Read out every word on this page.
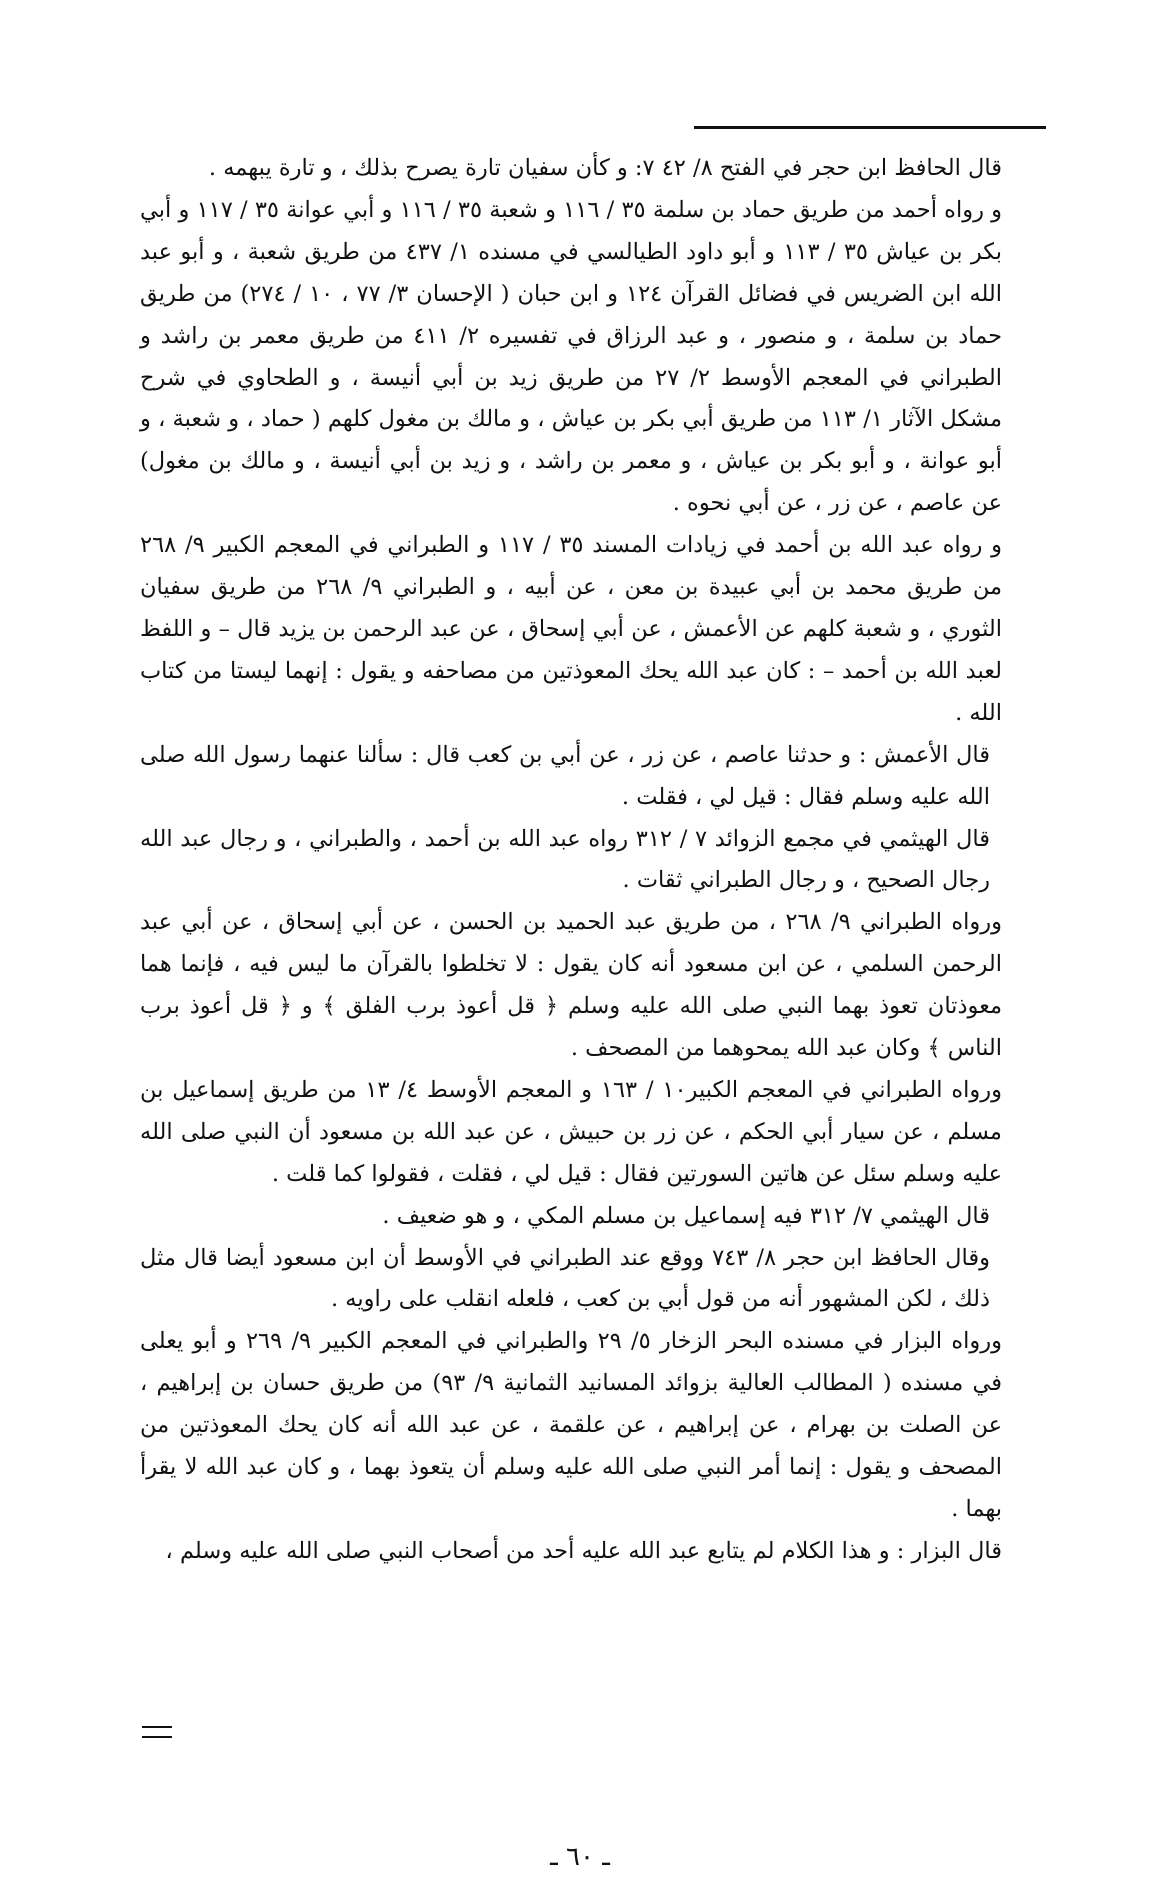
قال الحافظ ابن حجر في الفتح ٨/ ٤٢ ٧: و كأن سفيان تارة يصرح بذلك ، و تارة يبهمه .

و رواه أحمد من طريق حماد بن سلمة ٣٥ / ١١٦ و شعبة ٣٥ / ١١٦ و أبي عوانة ٣٥ / ١١٧ و أبي بكر بن عياش ٣٥ / ١١٣ و أبو داود الطيالسي في مسنده ١/ ٤٣٧ من طريق شعبة ، و أبو عبد الله ابن الضريس في فضائل القرآن ١٢٤ و ابن حبان ( الإحسان ٣/ ٧٧ ، ١٠ / ٢٧٤) من طريق حماد بن سلمة ، و منصور ، و عبد الرزاق في تفسيره ٢/ ٤١١ من طريق معمر بن راشد و الطبراني في المعجم الأوسط ٢/ ٢٧ من طريق زيد بن أبي أنيسة ، و الطحاوي في شرح مشكل الآثار ١/ ١١٣ من طريق أبي بكر بن عياش ، و مالك بن مغول كلهم ( حماد ، و شعبة ، و أبو عوانة ، و أبو بكر بن عياش ، و معمر بن راشد ، و زيد بن أبي أنيسة ، و مالك بن مغول) عن عاصم ، عن زر ، عن أبي نحوه .

و رواه عبد الله بن أحمد في زيادات المسند ٣٥ / ١١٧ و الطبراني في المعجم الكبير ٩/ ٢٦٨ من طريق محمد بن أبي عبيدة بن معن ، عن أبيه ، و الطبراني ٩/ ٢٦٨ من طريق سفيان الثوري ، و شعبة كلهم عن الأعمش ، عن أبي إسحاق ، عن عبد الرحمن بن يزيد قال – و اللفظ لعبد الله بن أحمد – : كان عبد الله يحك المعوذتين من مصاحفه و يقول : إنهما ليستا من كتاب الله .

قال الأعمش : و حدثنا عاصم ، عن زر ، عن أبي بن كعب قال : سألنا عنهما رسول الله صلى الله عليه وسلم فقال : قيل لي ، فقلت .

قال الهيثمي في مجمع الزوائد ٧ / ٣١٢ رواه عبد الله بن أحمد ، والطبراني ، و رجال عبد الله رجال الصحيح ، و رجال الطبراني ثقات .

ورواه الطبراني ٩/ ٢٦٨ ، من طريق عبد الحميد بن الحسن ، عن أبي إسحاق ، عن أبي عبد الرحمن السلمي ، عن ابن مسعود أنه كان يقول : لا تخلطوا بالقرآن ما ليس فيه ، فإنما هما معوذتان تعوذ بهما النبي صلى الله عليه وسلم ﴿ قل أعوذ برب الفلق ﴾ و ﴿ قل أعوذ برب الناس ﴾ وكان عبد الله يمحوهما من المصحف .

ورواه الطبراني في المعجم الكبير١٠ / ١٦٣ و المعجم الأوسط ٤/ ١٣ من طريق إسماعيل بن مسلم ، عن سيار أبي الحكم ، عن زر بن حبيش ، عن عبد الله بن مسعود أن النبي صلى الله عليه وسلم سئل عن هاتين السورتين فقال : قيل لي ، فقلت ، فقولوا كما قلت .

قال الهيثمي ٧/ ٣١٢ فيه إسماعيل بن مسلم المكي ، و هو ضعيف .

وقال الحافظ ابن حجر ٨/ ٧٤٣ ووقع عند الطبراني في الأوسط أن ابن مسعود أيضا قال مثل ذلك ، لكن المشهور أنه من قول أبي بن كعب ، فلعله انقلب على راويه .

ورواه البزار في مسنده البحر الزخار ٥/ ٢٩ والطبراني في المعجم الكبير ٩/ ٢٦٩ و أبو يعلى في مسنده ( المطالب العالية بزوائد المسانيد الثمانية ٩/ ٩٣) من طريق حسان بن إبراهيم ، عن الصلت بن بهرام ، عن إبراهيم ، عن علقمة ، عن عبد الله أنه كان يحك المعوذتين من المصحف و يقول : إنما أمر النبي صلى الله عليه وسلم أن يتعوذ بهما ، و كان عبد الله لا يقرأ بهما .

قال البزار : و هذا الكلام لم يتابع عبد الله عليه أحد من أصحاب النبي صلى الله عليه وسلم ،

ـ ٦٠ ـ
